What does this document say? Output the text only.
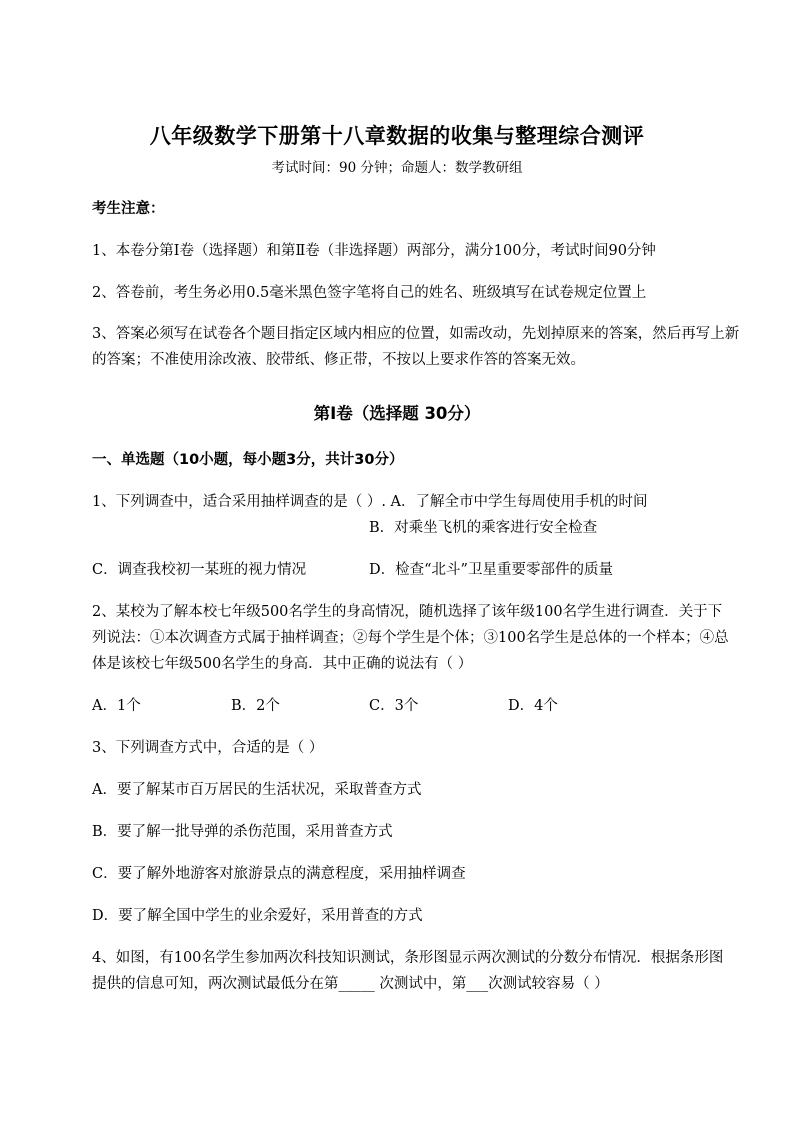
八年级数学下册第十八章数据的收集与整理综合测评
考试时间：90 分钟；命题人：数学教研组
考生注意：
1、本卷分第Ⅰ卷（选择题）和第Ⅱ卷（非选择题）两部分，满分100分，考试时间90分钟
2、答卷前，考生务必用0.5毫米黑色签字笔将自己的姓名、班级填写在试卷规定位置上
3、答案必须写在试卷各个题目指定区域内相应的位置，如需改动，先划掉原来的答案，然后再写上新
的答案；不准使用涂改液、胶带纸、修正带，不按以上要求作答的答案无效。
第Ⅰ卷（选择题 30分）
一、单选题（10小题，每小题3分，共计30分）
1、下列调查中，适合采用抽样调查的是（ ）. A．了解全市中学生每周使用手机的时间
B．对乘坐飞机的乘客进行安全检查
C．调查我校初一某班的视力情况	D．检查“北斗”卫星重要零部件的质量
2、某校为了解本校七年级500名学生的身高情况，随机选择了该年级100名学生进行调查．关于下
列说法：①本次调查方式属于抽样调查；②每个学生是个体；③100名学生是总体的一个样本；④总
体是该校七年级500名学生的身高．其中正确的说法有（ ）
A．1个	B．2个	C．3个	D．4个
3、下列调查方式中，合适的是（ ）
A．要了解某市百万居民的生活状况，采取普查方式
B．要了解一批导弹的杀伤范围，采用普查方式
C．要了解外地游客对旅游景点的满意程度，采用抽样调查
D．要了解全国中学生的业余爱好，采用普查的方式
4、如图，有100名学生参加两次科技知识测试，条形图显示两次测试的分数分布情况．根据条形图
提供的信息可知，两次测试最低分在第_____ 次测试中，第___次测试较容易（ ）
